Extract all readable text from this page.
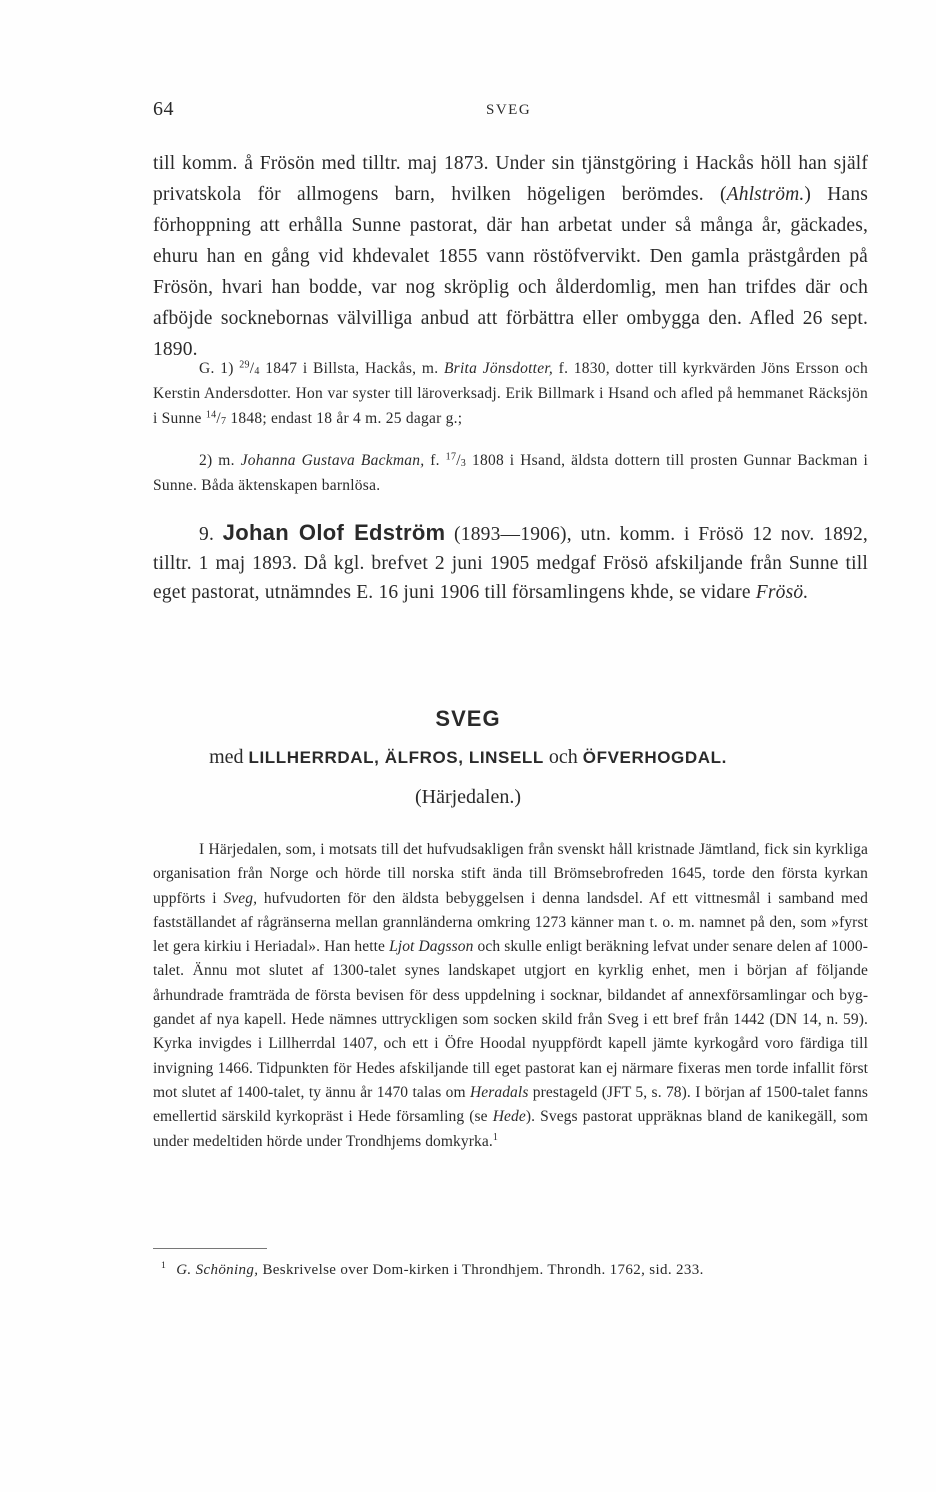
64	SVEG

till komm. å Frösön med tilltr. maj 1873. Under sin tjänstgöring i Hackås höll han själf privatskola för allmogens barn, hvilken högeligen berömdes. (Ahlström.) Hans förhoppning att erhålla Sunne pastorat, där han arbetat under så många år, gäckades, ehuru han en gång vid khdevalet 1855 vann röstöfvervikt. Den gamla prästgården på Frösön, hvari han bodde, var nog skröplig och ålderdomlig, men han trifdes där och afböjde socknebornas välvilliga anbud att förbättra eller ombygga den. Afled 26 sept. 1890.

G. 1) $^{29}/_4$ 1847 i Billsta, Hackås, m. Brita Jönsdotter, f. 1830, dotter till kyrkvärden Jöns Ersson och Kerstin Andersdotter. Hon var syster till läroverksadj. Erik Billmark i Hsand och afled på hemmanet Räcksjön i Sunne $^{14}/_7$ 1848; endast 18 år 4 m. 25 dagar g.;

2) m. Johanna Gustava Backman, f. $^{17}/_3$ 1808 i Hsand, äldsta dottern till prosten Gunnar Backman i Sunne. Båda äktenskapen barnlösa.

9. Johan Olof Edström (1893—1906), utn. komm. i Frösö 12 nov. 1892, tilltr. 1 maj 1893. Då kgl. brefvet 2 juni 1905 medgaf Frösö afskiljande från Sunne till eget pastorat, utnämndes E. 16 juni 1906 till församlingens khde, se vidare Frösö.

SVEG
med LILLHERRDAL, ÄLFROS, LINSELL och ÖFVERHOGDAL.
(Härjedalen.)

I Härjedalen, som, i motsats till det hufvudsakligen från svenskt håll kristnade Jämtland, fick sin kyrkliga organisation från Norge och hörde till norska stift ända till Brömsebrofreden 1645, torde den första kyrkan uppförts i Sveg, hufvudorten för den äldsta bebyggelsen i denna landsdel. Af ett vittnesmål i samband med fastställandet af rågränserna mellan grannländerna omkring 1273 känner man t. o. m. namnet på den, som »fyrst let gera kirkiu i Heriadal». Han hette Ljot Dagsson och skulle enligt beräkning lefvat under senare delen af 1000-talet. Ännu mot slutet af 1300-talet synes landskapet utgjort en kyrklig enhet, men i början af följande århundrade framträda de första bevisen för dess uppdelning i socknar, bildandet af annexförsamlingar och byggandet af nya kapell. Hede nämnes uttryckligen som socken skild från Sveg i ett bref från 1442 (DN 14, n. 59). Kyrka invigdes i Lillherrdal 1407, och ett i Öfre Hoodal nyuppfördt kapell jämte kyrkogård voro färdiga till invigning 1466. Tidpunkten för Hedes afskiljande till eget pastorat kan ej närmare fixeras men torde infallit först mot slutet af 1400-talet, ty ännu år 1470 talas om Heradals prestageld (JFT 5, s. 78). I början af 1500-talet fanns emellertid särskild kyrkopräst i Hede församling (se Hede). Svegs pastorat uppräknas bland de kanikegäll, som under medeltiden hörde under Trondhjems domkyrka.$^1$

$^1$ G. Schöning, Beskrivelse over Dom-kirken i Throndhjem. Throndh. 1762, sid. 233.
